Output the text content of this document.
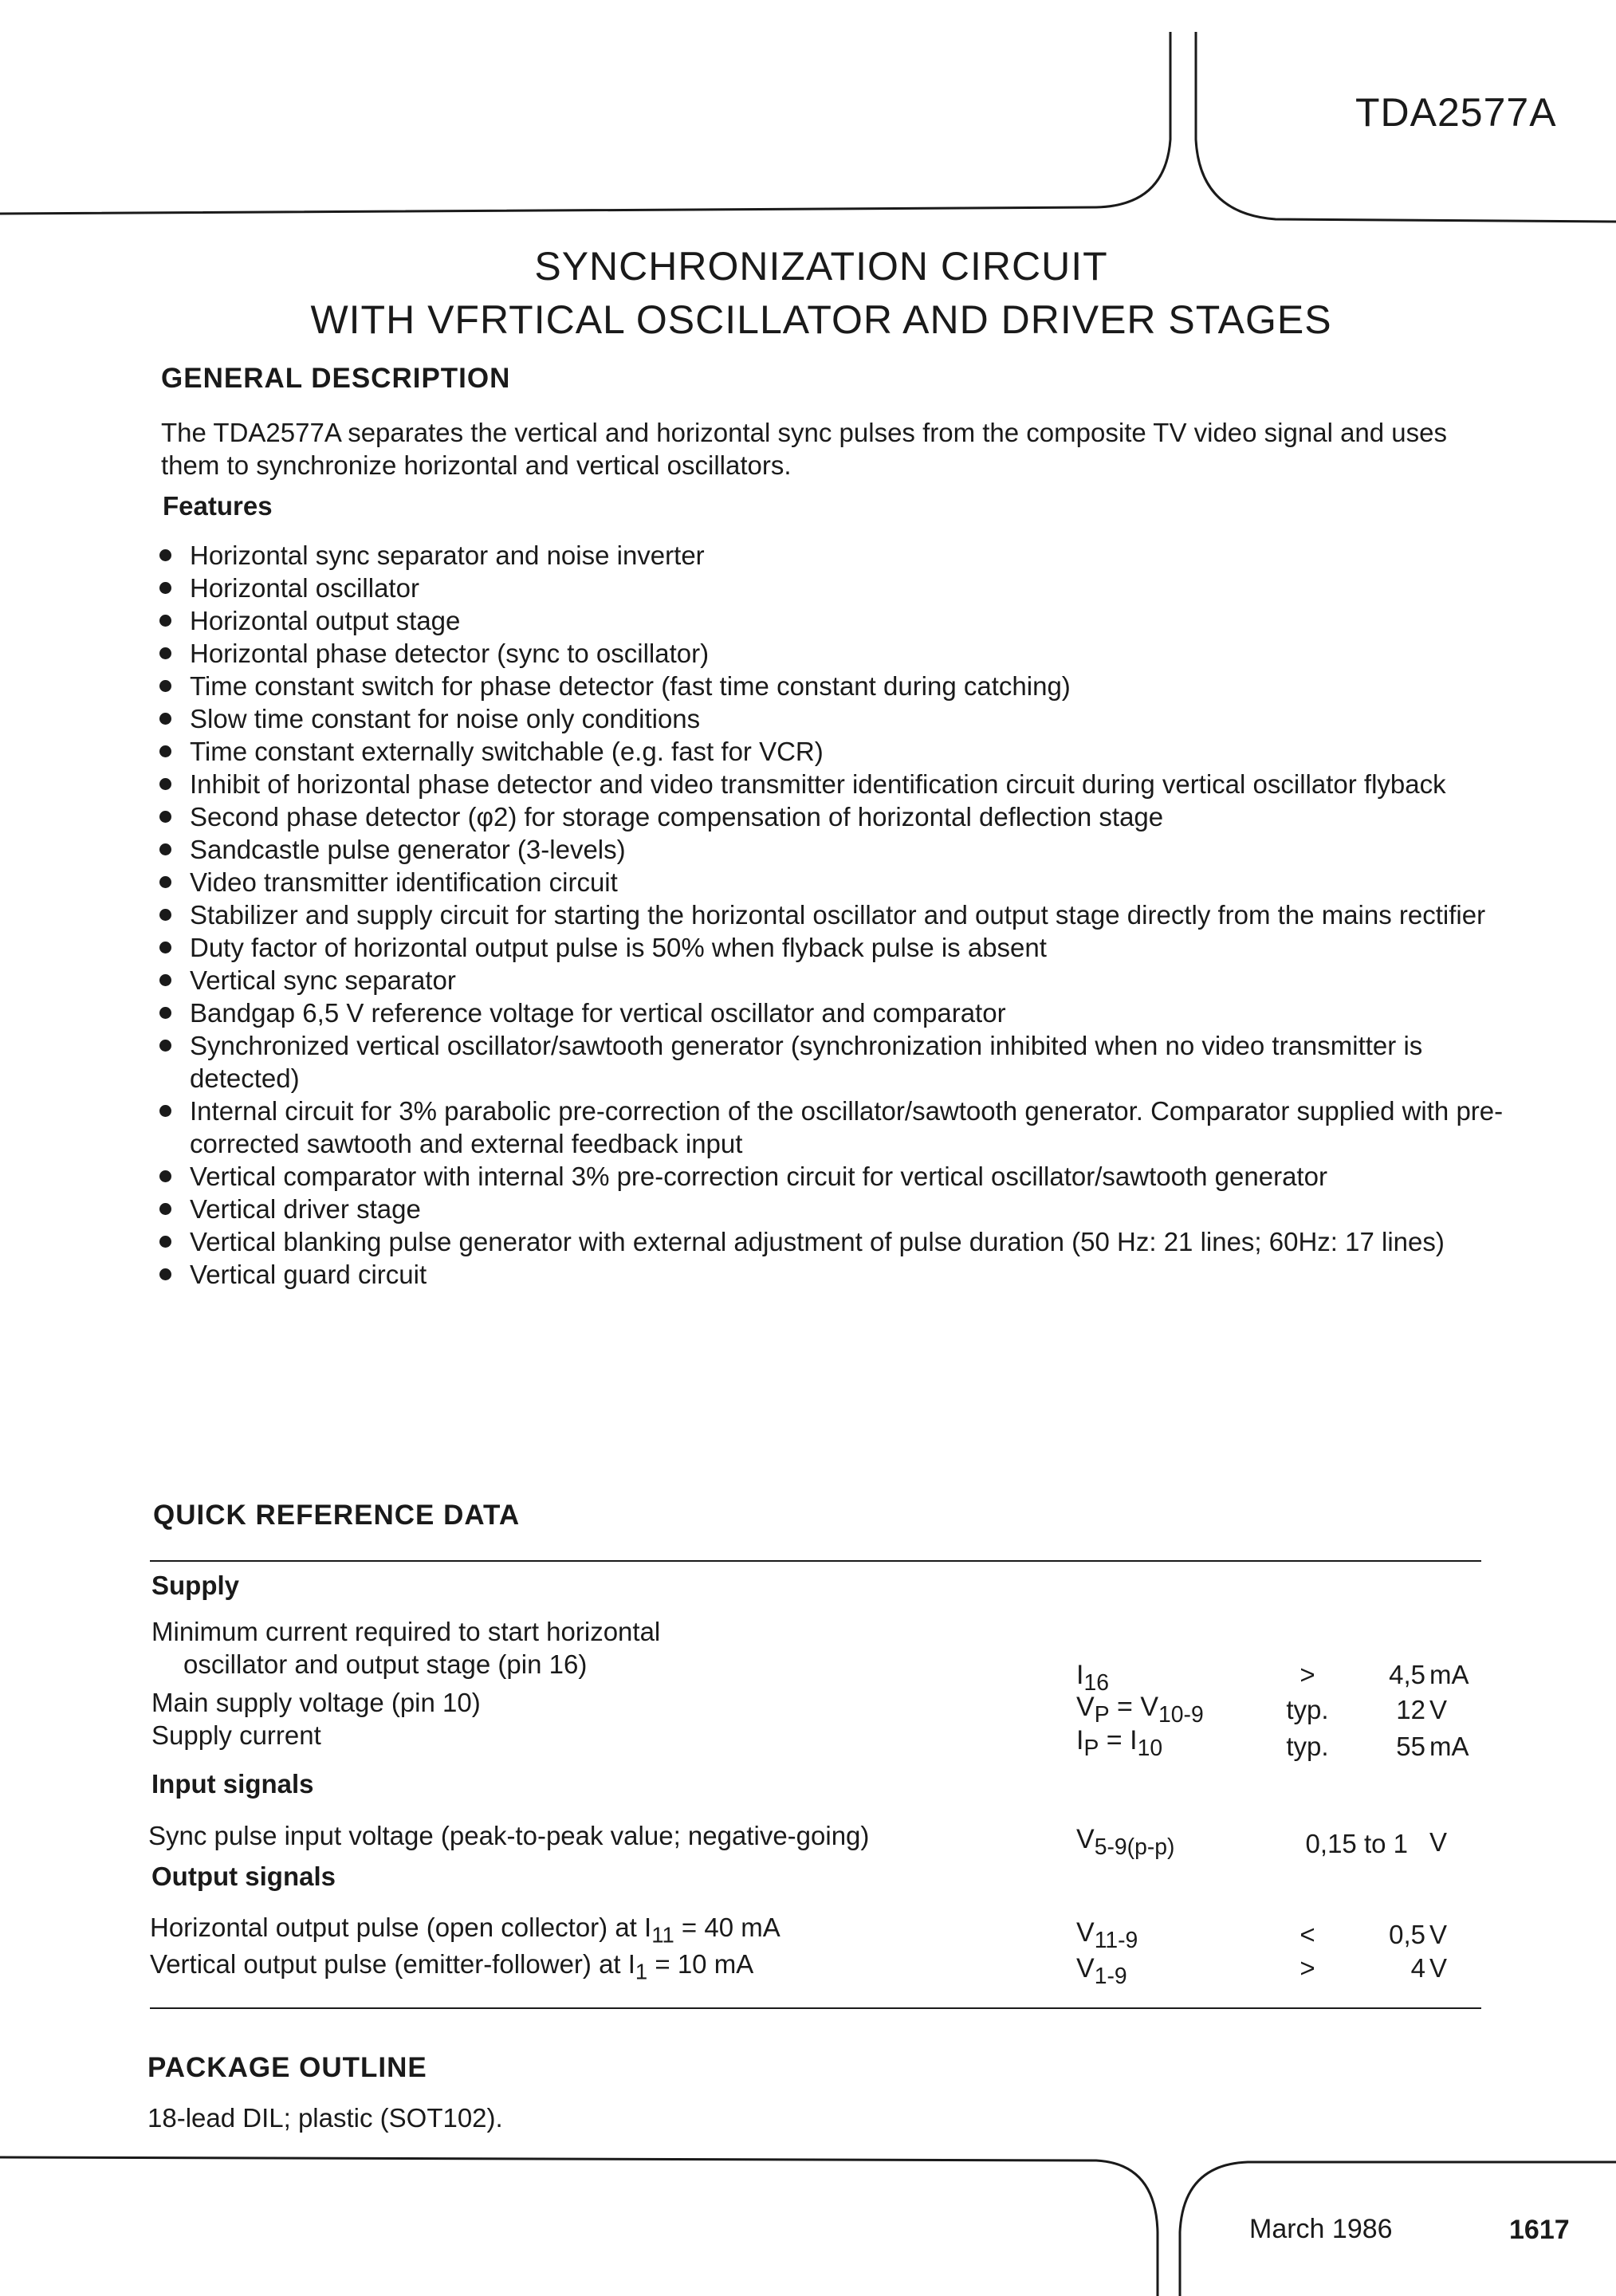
TDA2577A
SYNCHRONIZATION CIRCUIT
WITH VFRTICAL OSCILLATOR AND DRIVER STAGES
GENERAL DESCRIPTION
The TDA2577A separates the vertical and horizontal sync pulses from the composite TV video signal and uses them to synchronize horizontal and vertical oscillators.
Features
Horizontal sync separator and noise inverter
Horizontal oscillator
Horizontal output stage
Horizontal phase detector (sync to oscillator)
Time constant switch for phase detector (fast time constant during catching)
Slow time constant for noise only conditions
Time constant externally switchable (e.g. fast for VCR)
Inhibit of horizontal phase detector and video transmitter identification circuit during vertical oscillator flyback
Second phase detector (φ2) for storage compensation of horizontal deflection stage
Sandcastle pulse generator (3-levels)
Video transmitter identification circuit
Stabilizer and supply circuit for starting the horizontal oscillator and output stage directly from the mains rectifier
Duty factor of horizontal output pulse is 50% when flyback pulse is absent
Vertical sync separator
Bandgap 6,5 V reference voltage for vertical oscillator and comparator
Synchronized vertical oscillator/sawtooth generator (synchronization inhibited when no video transmitter is detected)
Internal circuit for 3% parabolic pre-correction of the oscillator/sawtooth generator. Comparator supplied with pre-corrected sawtooth and external feedback input
Vertical comparator with internal 3% pre-correction circuit for vertical oscillator/sawtooth generator
Vertical driver stage
Vertical blanking pulse generator with external adjustment of pulse duration (50 Hz: 21 lines; 60Hz: 17 lines)
Vertical guard circuit
QUICK REFERENCE DATA
Supply
Minimum current required to start horizontal
oscillator and output stage (pin 16)	$I_{16}$	>	4,5 mA
Main supply voltage (pin 10)	$V_P = V_{10-9}$	typ.	12 V
Supply current	$I_P = I_{10}$	typ.	55 mA
Input signals
Sync pulse input voltage (peak-to-peak value; negative-going)	$V_{5-9(p-p)}$	0,15 to 1 V
Output signals
Horizontal output pulse (open collector) at $I_{11} = 40$ mA	$V_{11-9}$	<	0,5 V
Vertical output pulse (emitter-follower) at $I_1 = 10$ mA	$V_{1-9}$	>	4 V
PACKAGE OUTLINE
18-lead DIL; plastic (SOT102).
March 1986	1617
